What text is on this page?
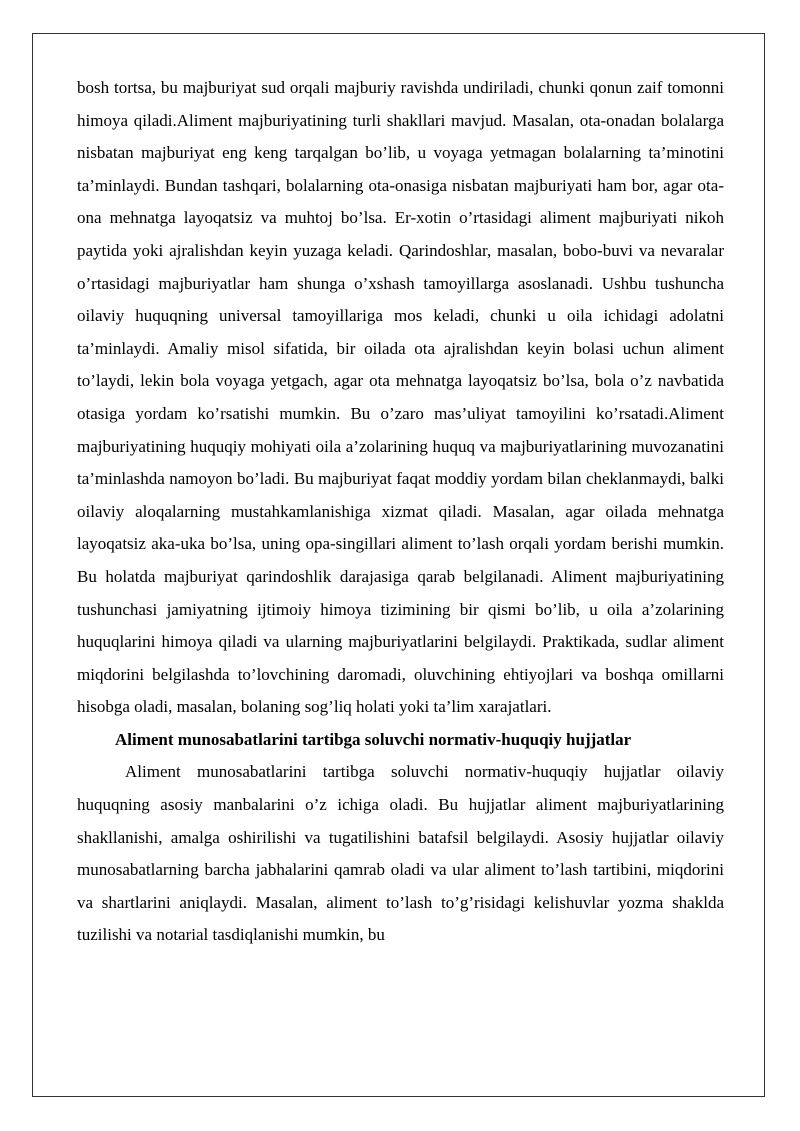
bosh tortsa, bu majburiyat sud orqali majburiy ravishda undiriladi, chunki qonun zaif tomonni himoya qiladi.Aliment majburiyatining turli shakllari mavjud. Masalan, ota-onadan bolalarga nisbatan majburiyat eng keng tarqalgan bo’lib, u voyaga yetmagan bolalarning ta’minotini ta’minlaydi. Bundan tashqari, bolalarning ota-onasiga nisbatan majburiyati ham bor, agar ota-ona mehnatga layoqatsiz va muhtoj bo’lsa. Er-xotin o’rtasidagi aliment majburiyati nikoh paytida yoki ajralishdan keyin yuzaga keladi. Qarindoshlar, masalan, bobo-buvi va nevaralar o’rtasidagi majburiyatlar ham shunga o’xshash tamoyillarga asoslanadi. Ushbu tushuncha oilaviy huquqning universal tamoyillariga mos keladi, chunki u oila ichidagi adolatni ta’minlaydi. Amaliy misol sifatida, bir oilada ota ajralishdan keyin bolasi uchun aliment to’laydi, lekin bola voyaga yetgach, agar ota mehnatga layoqatsiz bo’lsa, bola o’z navbatida otasiga yordam ko’rsatishi mumkin. Bu o’zaro mas’uliyat tamoyilini ko’rsatadi.Aliment majburiyatining huquqiy mohiyati oila a’zolarining huquq va majburiyatlarining muvozanatini ta’minlashda namoyon bo’ladi. Bu majburiyat faqat moddiy yordam bilan cheklanmaydi, balki oilaviy aloqalarning mustahkamlanishiga xizmat qiladi. Masalan, agar oilada mehnatga layoqatsiz aka-uka bo’lsa, uning opa-singillari aliment to’lash orqali yordam berishi mumkin. Bu holatda majburiyat qarindoshlik darajasiga qarab belgilanadi. Aliment majburiyatining tushunchasi jamiyatning ijtimoiy himoya tizimining bir qismi bo’lib, u oila a’zolarining huquqlarini himoya qiladi va ularning majburiyatlarini belgilaydi. Praktikada, sudlar aliment miqdorini belgilashda to’lovchining daromadi, oluvchining ehtiyojlari va boshqa omillarni hisobga oladi, masalan, bolaning sog’liq holati yoki ta’lim xarajatlari.

Aliment munosabatlarini tartibga soluvchi normativ-huquqiy hujjatlar

Aliment munosabatlarini tartibga soluvchi normativ-huquqiy hujjatlar oilaviy huquqning asosiy manbalarini o’z ichiga oladi. Bu hujjatlar aliment majburiyatlarining shakllanishi, amalga oshirilishi va tugatilishini batafsil belgilaydi. Asosiy hujjatlar oilaviy munosabatlarning barcha jabhalarini qamrab oladi va ular aliment to’lash tartibini, miqdorini va shartlarini aniqlaydi. Masalan, aliment to’lash to’g’risidagi kelishuvlar yozma shaklda tuzilishi va notarial tasdiqlanishi mumkin, bu
